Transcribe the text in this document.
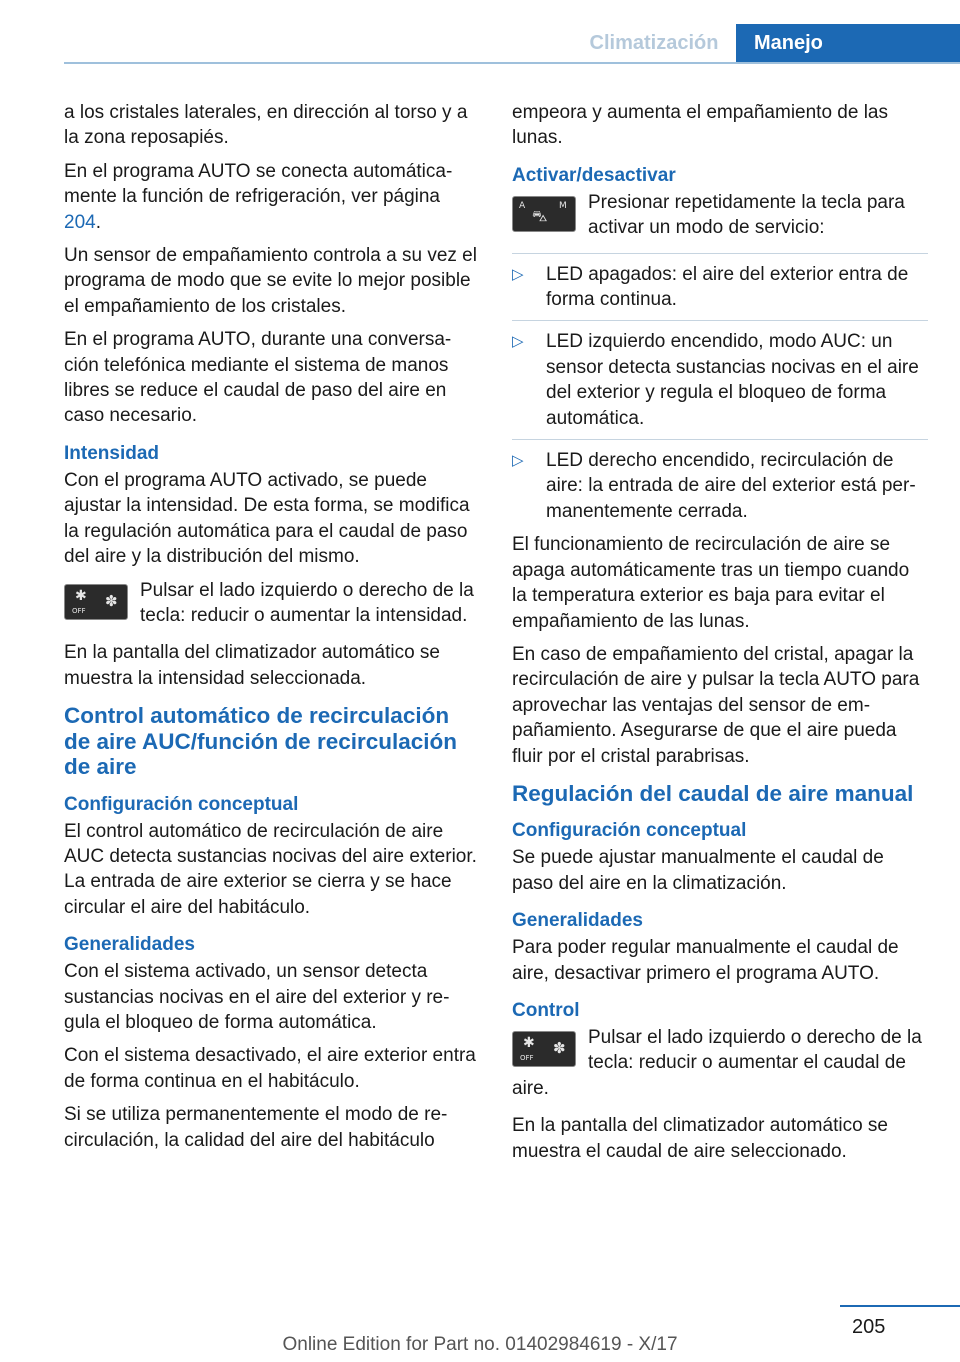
Climatización	Manejo

a los cristales laterales, en dirección al torso y a la zona reposapiés.

En el programa AUTO se conecta automáticamente la función de refrigeración, ver página 204.

Un sensor de empañamiento controla a su vez el programa de modo que se evite lo mejor posible el empañamiento de los cristales.

En el programa AUTO, durante una conversación telefónica mediante el sistema de manos libres se reduce el caudal de paso del aire en caso necesario.

Intensidad

Con el programa AUTO activado, se puede ajustar la intensidad. De esta forma, se modifica la regulación automática para el caudal de paso del aire y la distribución del mismo.

✱
OFF
✽ Pulsar el lado izquierdo o derecho de la tecla: reducir o aumentar la intensidad.

En la pantalla del climatizador automático se muestra la intensidad seleccionada.

Control automático de recirculación de aire AUC/función de recirculación de aire
Configuración conceptual

El control automático de recirculación de aire AUC detecta sustancias nocivas del aire exterior. La entrada de aire exterior se cierra y se hace circular el aire del habitáculo.

Generalidades

Con el sistema activado, un sensor detecta sustancias nocivas en el aire del exterior y regula el bloqueo de forma automática.

Con el sistema desactivado, el aire exterior entra de forma continua en el habitáculo.

Si se utiliza permanentemente el modo de recirculación, la calidad del aire del habitáculo

empeora y aumenta el empañamiento de las lunas.

Activar/desactivar
A	M
⛍
Presionar repetidamente la tecla para activar un modo de servicio:
▷ LED apagados: el aire del exterior entra de forma continua.
▷ LED izquierdo encendido, modo AUC: un sensor detecta sustancias nocivas en el aire del exterior y regula el bloqueo de forma automática.
▷ LED derecho encendido, recirculación de aire: la entrada de aire del exterior está permanentemente cerrada.

El funcionamiento de recirculación de aire se apaga automáticamente tras un tiempo cuando la temperatura exterior es baja para evitar el empañamiento de las lunas.

En caso de empañamiento del cristal, apagar la recirculación de aire y pulsar la tecla AUTO para aprovechar las ventajas del sensor de empañamiento. Asegurarse de que el aire pueda fluir por el cristal parabrisas.

Regulación del caudal de aire manual
Configuración conceptual

Se puede ajustar manualmente el caudal de paso del aire en la climatización.

Generalidades

Para poder regular manualmente el caudal de aire, desactivar primero el programa AUTO.

Control
✱
OFF
✽ Pulsar el lado izquierdo o derecho de la tecla: reducir o aumentar el caudal de aire.

En la pantalla del climatizador automático se muestra el caudal de aire seleccionado.

205
Online Edition for Part no. 01402984619 - X/17
